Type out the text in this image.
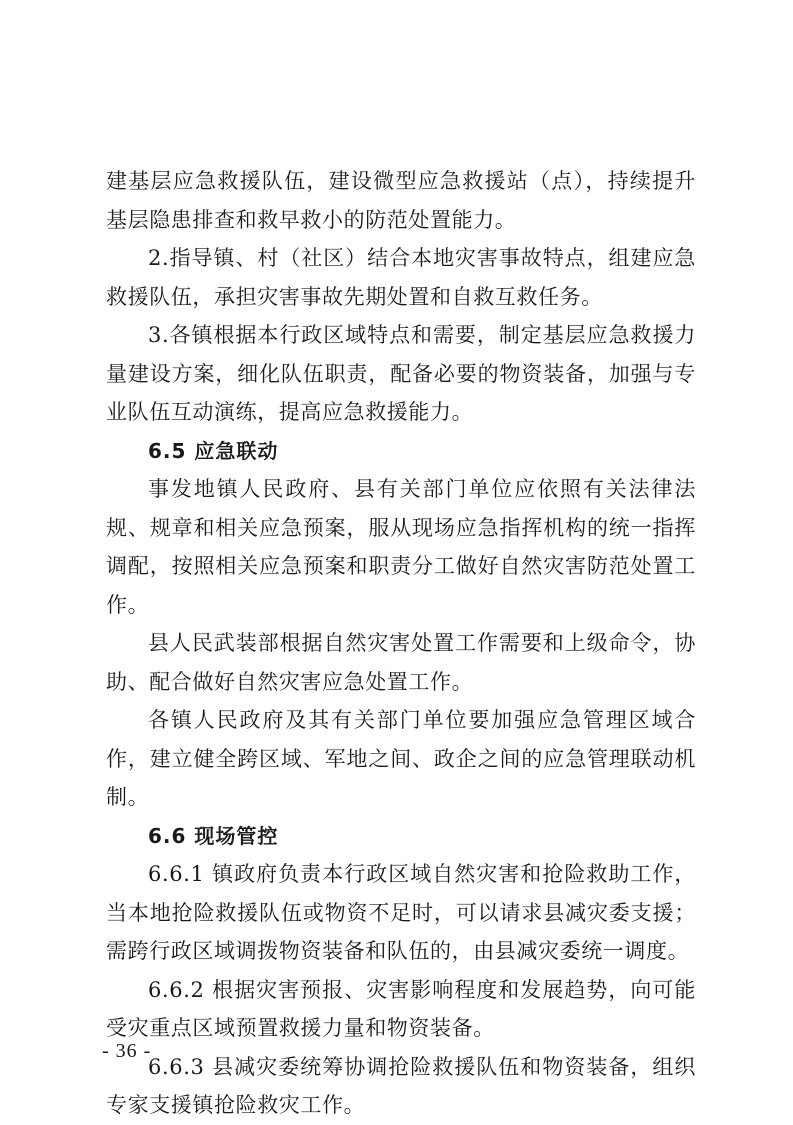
建基层应急救援队伍，建设微型应急救援站（点），持续提升基层隐患排查和救早救小的防范处置能力。

2.指导镇、村（社区）结合本地灾害事故特点，组建应急救援队伍，承担灾害事故先期处置和自救互救任务。

3.各镇根据本行政区域特点和需要，制定基层应急救援力量建设方案，细化队伍职责，配备必要的物资装备，加强与专业队伍互动演练，提高应急救援能力。

6.5 应急联动

事发地镇人民政府、县有关部门单位应依照有关法律法规、规章和相关应急预案，服从现场应急指挥机构的统一指挥调配，按照相关应急预案和职责分工做好自然灾害防范处置工作。

县人民武装部根据自然灾害处置工作需要和上级命令，协助、配合做好自然灾害应急处置工作。

各镇人民政府及其有关部门单位要加强应急管理区域合作，建立健全跨区域、军地之间、政企之间的应急管理联动机制。

6.6 现场管控

6.6.1 镇政府负责本行政区域自然灾害和抢险救助工作，当本地抢险救援队伍或物资不足时，可以请求县减灾委支援；需跨行政区域调拨物资装备和队伍的，由县减灾委统一调度。

6.6.2 根据灾害预报、灾害影响程度和发展趋势，向可能受灾重点区域预置救援力量和物资装备。

6.6.3 县减灾委统筹协调抢险救援队伍和物资装备，组织专家支援镇抢险救灾工作。

- 36 -
